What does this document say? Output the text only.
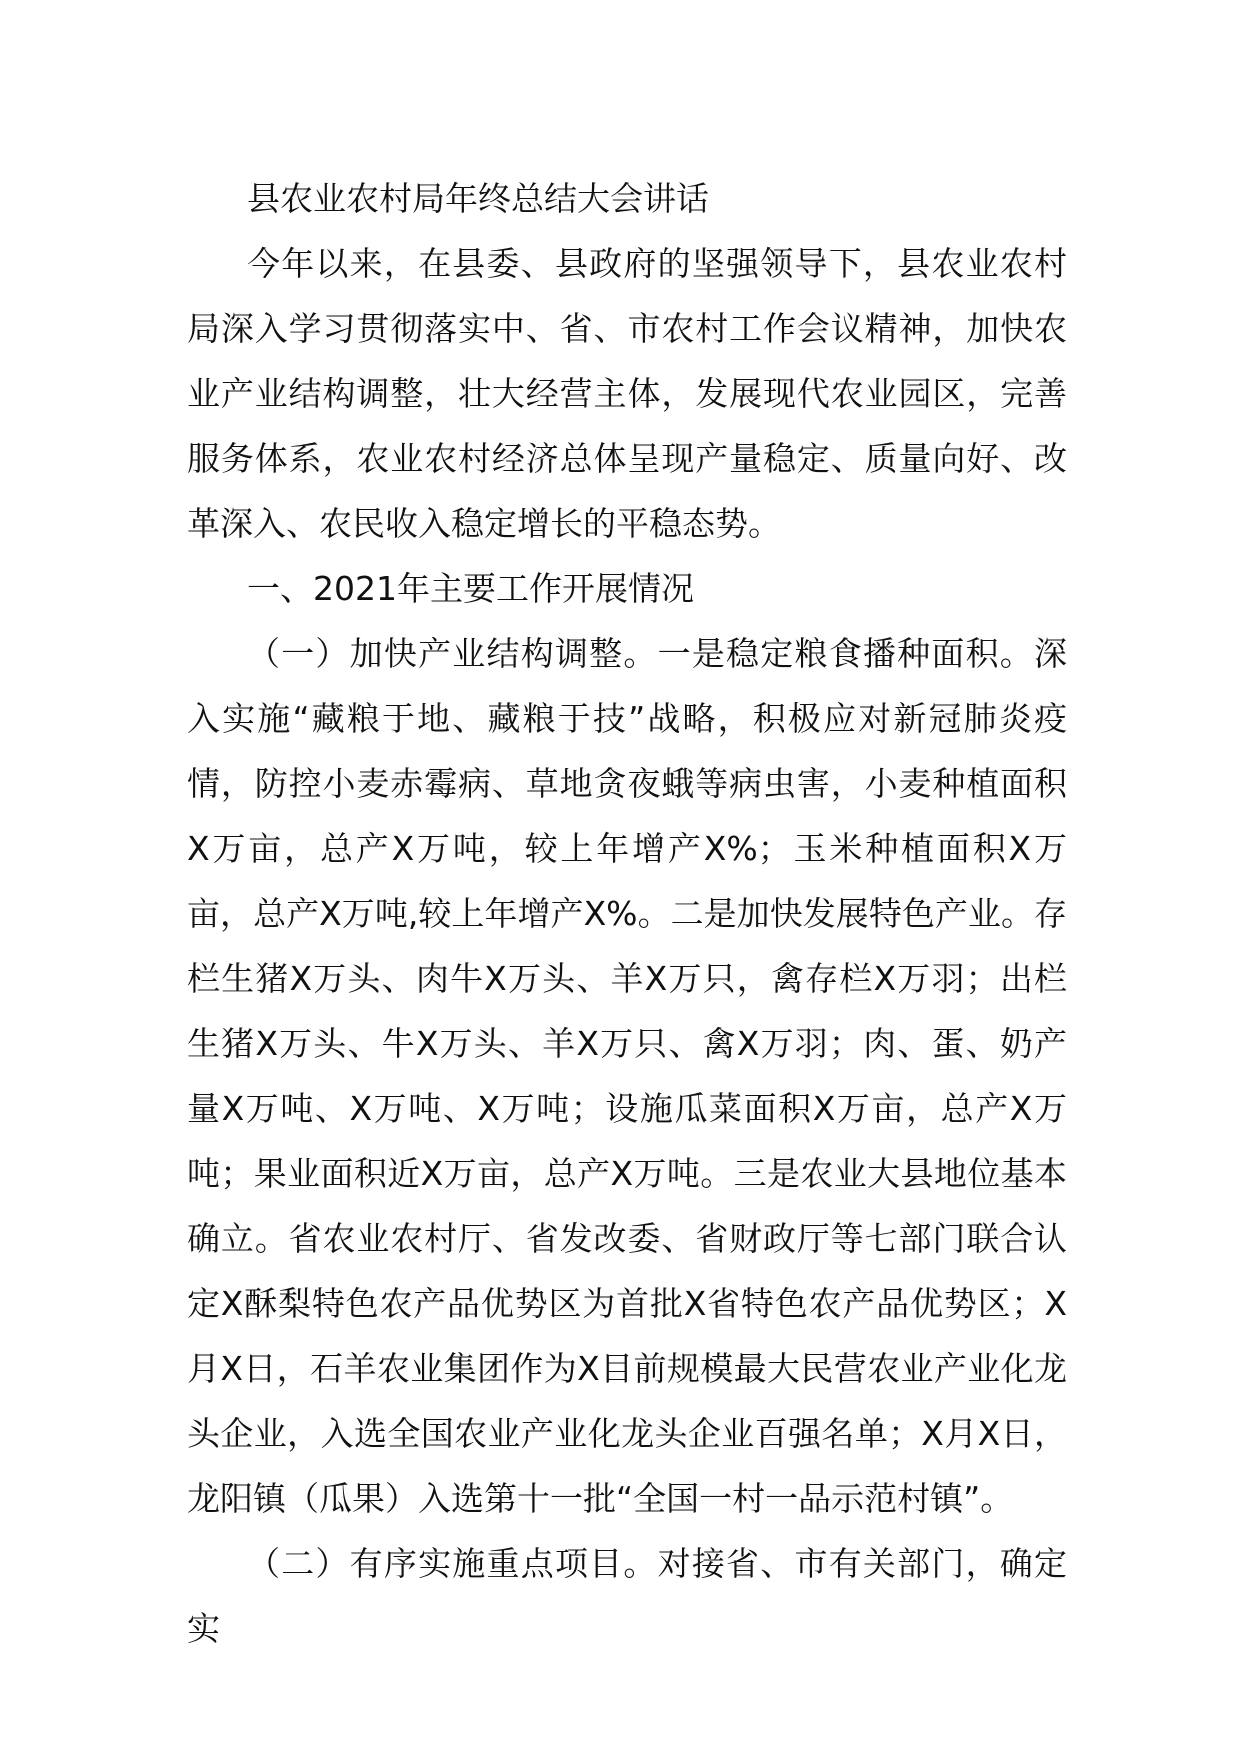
县农业农村局年终总结大会讲话

今年以来，在县委、县政府的坚强领导下，县农业农村局深入学习贯彻落实中、省、市农村工作会议精神，加快农业产业结构调整，壮大经营主体，发展现代农业园区，完善服务体系，农业农村经济总体呈现产量稳定、质量向好、改革深入、农民收入稳定增长的平稳态势。

一、2021年主要工作开展情况

（一）加快产业结构调整。一是稳定粮食播种面积。深入实施“藏粮于地、藏粮于技”战略，积极应对新冠肺炎疫情，防控小麦赤霉病、草地贪夜蛾等病虫害，小麦种植面积X万亩，总产X万吨，较上年增产X%；玉米种植面积X万亩，总产X万吨,较上年增产X%。二是加快发展特色产业。存栏生猪X万头、肉牛X万头、羊X万只，禽存栏X万羽；出栏生猪X万头、牛X万头、羊X万只、禽X万羽；肉、蛋、奶产量X万吨、X万吨、X万吨；设施瓜菜面积X万亩，总产X万吨；果业面积近X万亩，总产X万吨。三是农业大县地位基本确立。省农业农村厅、省发改委、省财政厅等七部门联合认定X酥梨特色农产品优势区为首批X省特色农产品优势区；X月X日，石羊农业集团作为X目前规模最大民营农业产业化龙头企业，入选全国农业产业化龙头企业百强名单；X月X日，龙阳镇（瓜果）入选第十一批“全国一村一品示范村镇”。

（二）有序实施重点项目。对接省、市有关部门，确定实
